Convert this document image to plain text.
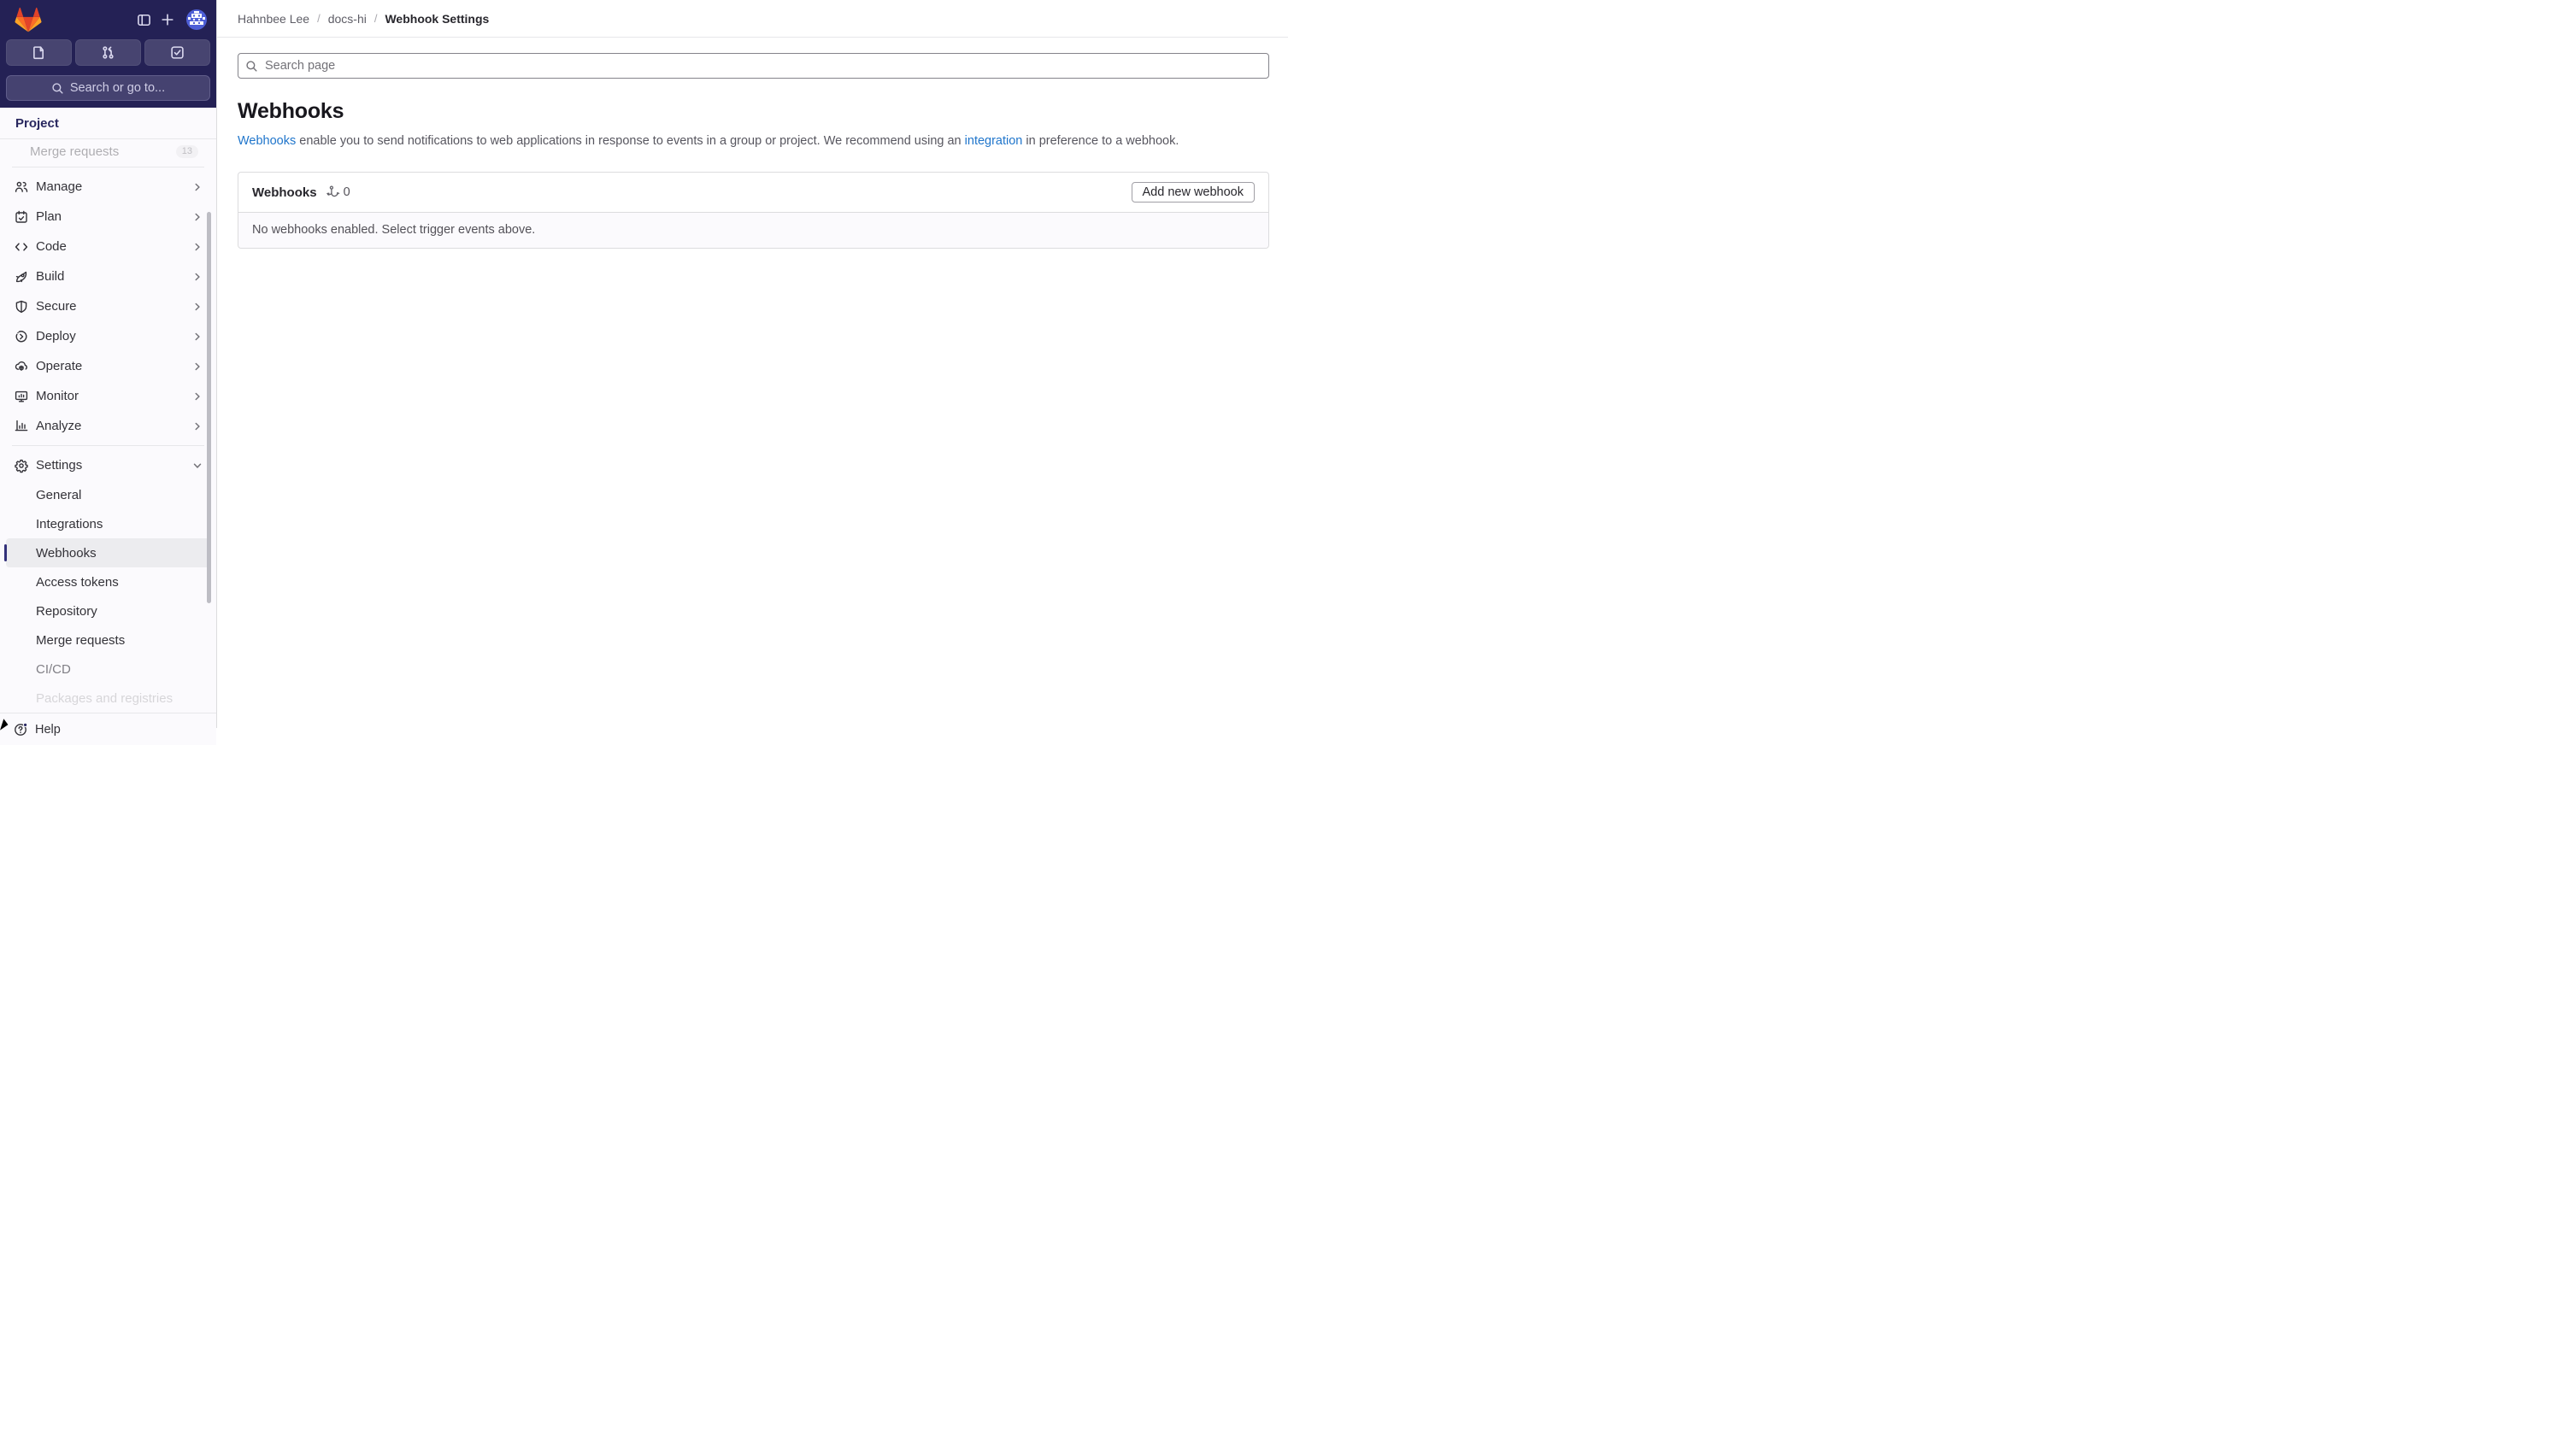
Search or go to...
Project
Merge requests	13
Manage
Plan
Code
Build
Secure
Deploy
Operate
Monitor
Analyze
Settings
General
Integrations
Webhooks
Access tokens
Repository
Merge requests
CI/CD
Packages and registries
Help
Hahnbee Lee / docs-hi / Webhook Settings
Search page
Webhooks

Webhooks enable you to send notifications to web applications in response to events in a group or project. We recommend using an integration in preference to a webhook.

Webhooks 0	Add new webhook
No webhooks enabled. Select trigger events above.
